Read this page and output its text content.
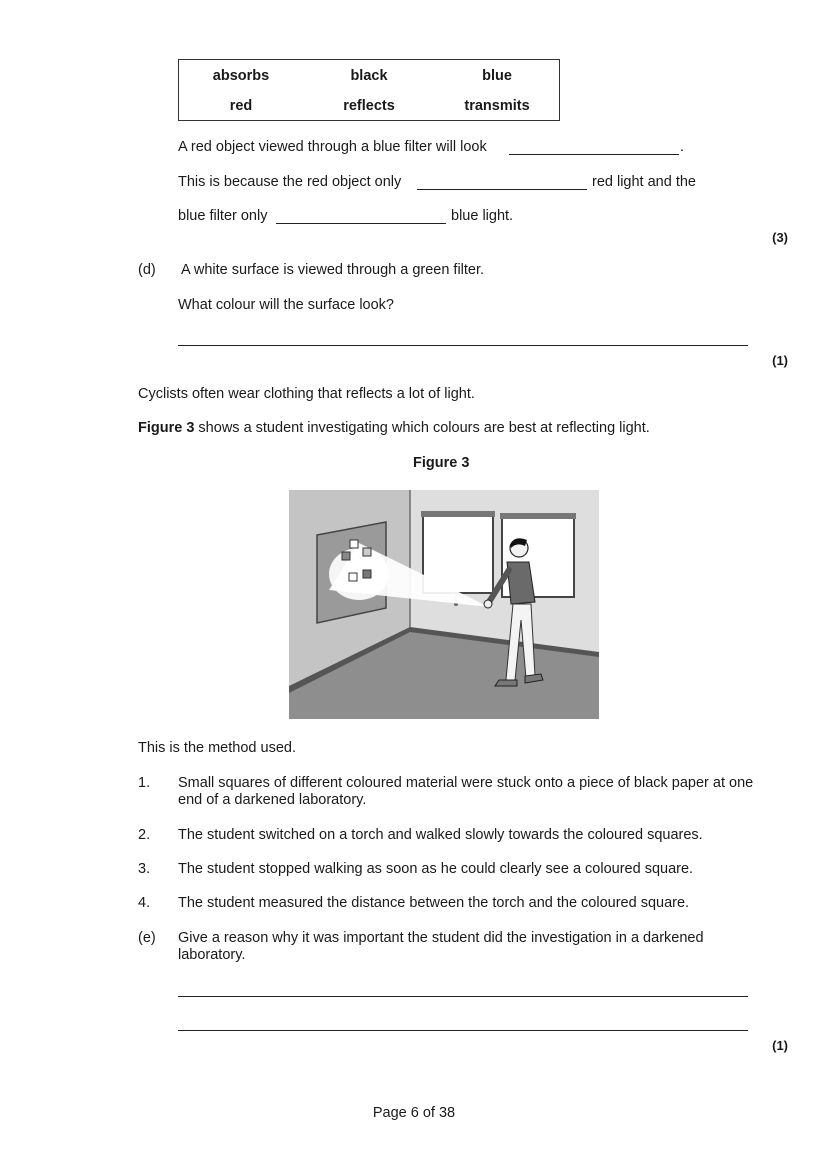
absorbs	black	blue
red	reflects	transmits
A red object viewed through a blue filter will look	.
This is because the red object only	red light and the
blue filter only	blue light.
(3)
(d) A white surface is viewed through a green filter.
What colour will the surface look?
(1)
Cyclists often wear clothing that reflects a lot of light.
Figure 3 shows a student investigating which colours are best at reflecting light.
Figure 3
This is the method used.
1. Small squares of different coloured material were stuck onto a piece of black paper at one end of a darkened laboratory.
2. The student switched on a torch and walked slowly towards the coloured squares.
3. The student stopped walking as soon as he could clearly see a coloured square.
4. The student measured the distance between the torch and the coloured square.
(e) Give a reason why it was important the student did the investigation in a darkened laboratory.
(1)
Page 6 of 38
